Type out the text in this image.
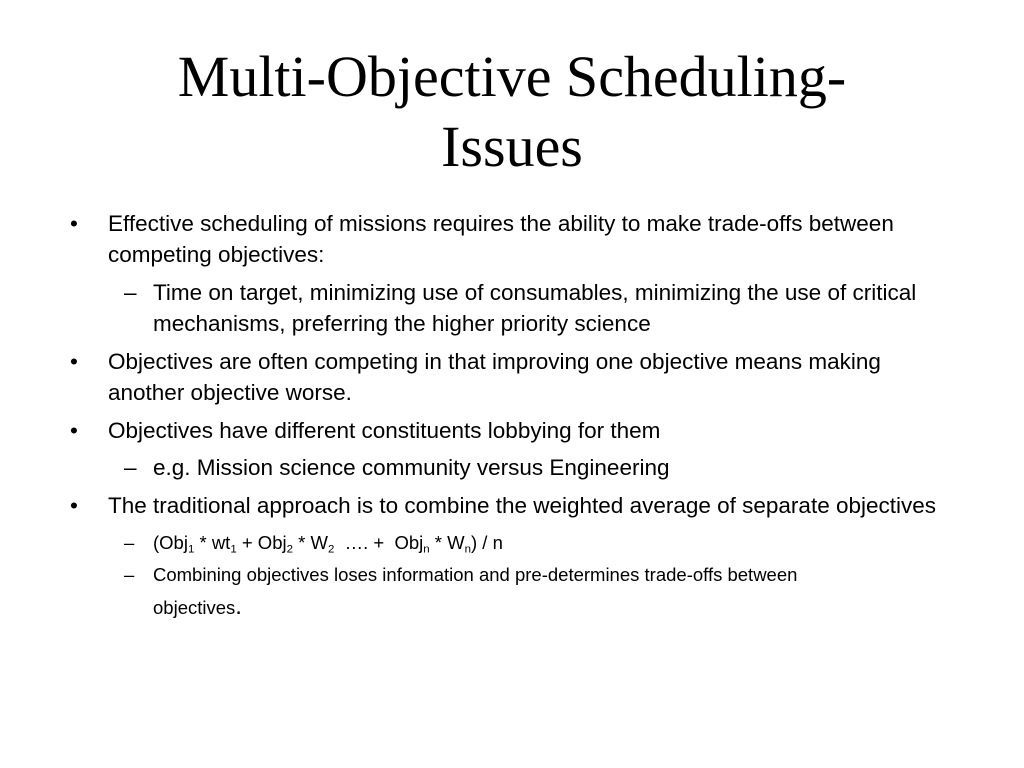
Multi-Objective Scheduling-
Issues

• Effective scheduling of missions requires the ability to make trade-offs between competing objectives:

– Time on target, minimizing use of consumables, minimizing the use of critical mechanisms, preferring the higher priority science

• Objectives are often competing in that improving one objective means making another objective worse.

• Objectives have different constituents lobbying for them

– e.g. Mission science community versus Engineering

• The traditional approach is to combine the weighted average of separate objectives

– ($Obj_1 * wt_1 + Obj_2 * W_2$  …. +  $Obj_n * W_n$) / n

– Combining objectives loses information and pre-determines trade-offs between objectives.
